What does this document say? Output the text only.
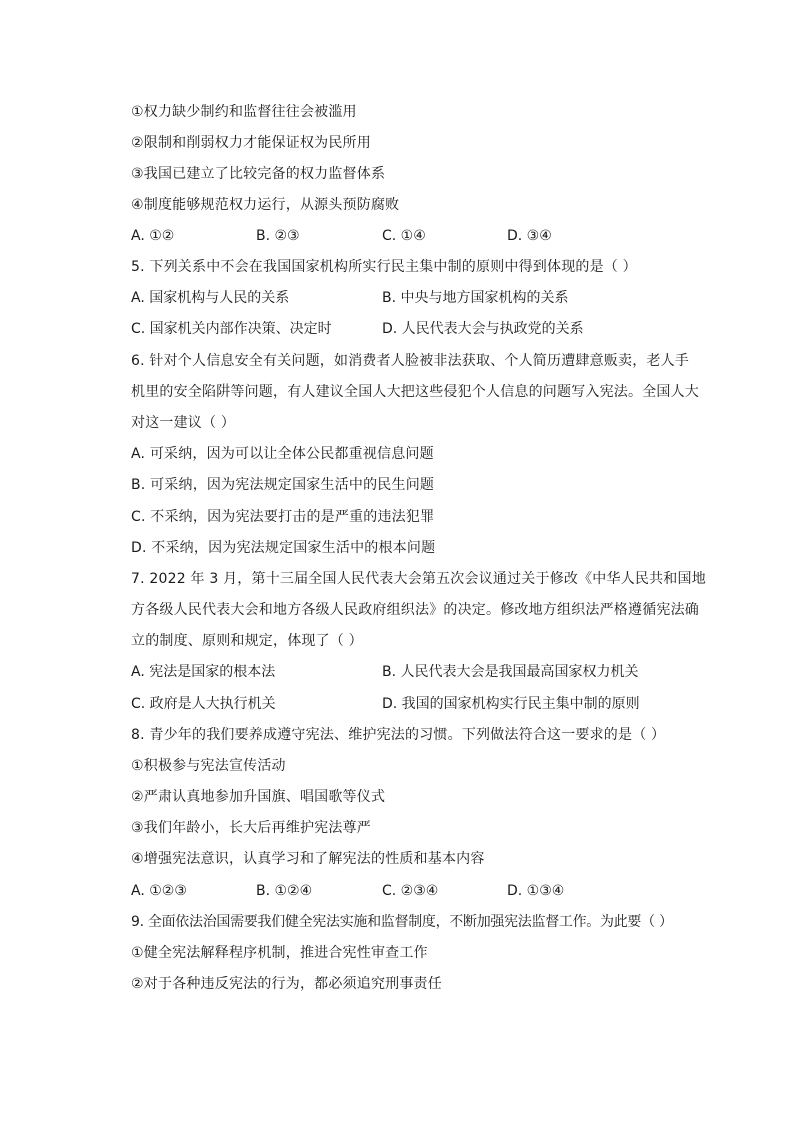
①权力缺少制约和监督往往会被滥用
②限制和削弱权力才能保证权为民所用
③我国已建立了比较完备的权力监督体系
④制度能够规范权力运行，从源头预防腐败
A. ①②	B. ②③	C. ①④	D. ③④
5. 下列关系中不会在我国国家机构所实行民主集中制的原则中得到体现的是（ ）
A. 国家机构与人民的关系	B. 中央与地方国家机构的关系
C. 国家机关内部作决策、决定时	D. 人民代表大会与执政党的关系
6. 针对个人信息安全有关问题，如消费者人脸被非法获取、个人简历遭肆意贩卖，老人手
机里的安全陷阱等问题，有人建议全国人大把这些侵犯个人信息的问题写入宪法。全国人大
对这一建议（ ）
A. 可采纳，因为可以让全体公民都重视信息问题
B. 可采纳，因为宪法规定国家生活中的民生问题
C. 不采纳，因为宪法要打击的是严重的违法犯罪
D. 不采纳，因为宪法规定国家生活中的根本问题
7. 2022 年 3 月，第十三届全国人民代表大会第五次会议通过关于修改《中华人民共和国地
方各级人民代表大会和地方各级人民政府组织法》的决定。修改地方组织法严格遵循宪法确
立的制度、原则和规定，体现了（ ）
A. 宪法是国家的根本法	B. 人民代表大会是我国最高国家权力机关
C. 政府是人大执行机关	D. 我国的国家机构实行民主集中制的原则
8. 青少年的我们要养成遵守宪法、维护宪法的习惯。下列做法符合这一要求的是（ ）
①积极参与宪法宣传活动
②严肃认真地参加升国旗、唱国歌等仪式
③我们年龄小，长大后再维护宪法尊严
④增强宪法意识，认真学习和了解宪法的性质和基本内容
A. ①②③	B. ①②④	C. ②③④	D. ①③④
9. 全面依法治国需要我们健全宪法实施和监督制度，不断加强宪法监督工作。为此要（ ）
①健全宪法解释程序机制，推进合宪性审查工作
②对于各种违反宪法的行为，都必须追究刑事责任
